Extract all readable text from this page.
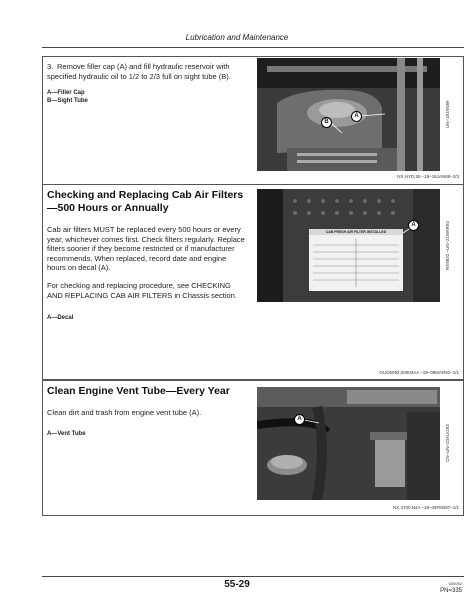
Lubrication and Maintenance
3. Remove filler cap (A) and fill hydraulic reservoir with specified hydraulic oil to 1/2 to 2/3 full on sight tube (B).
A—Filler Cap
B—Sight Tube
A
B	UN–18JAN89
NX,HYD,55 –19–15JAN88–2/3
Checking and Replacing Cab Air Filters—500 Hours or Annually
Cab air filters MUST be replaced every 500 hours or every year, whichever comes first. Check filters regularly. Replace filters sooner if they become restricted or if manufacturer recommends. When replaced, record date and engine hours on decal (A).
For checking and replacing procedure, see CHECKING AND REPLACING CAB AIR FILTERS in Chassis section.
A—Decal
CAB FRESH AIR FILTER INSTALLED
A	RX9832 –UN–21MAR92
OUO6092,00003AA –19–09MAR92–1/1
Clean Engine Vent Tube—Every Year
Clean dirt and trash from engine vent tube (A).
A—Vent Tube
A
CN–UN–23AUG93
NX,4700,N2A –19–06FEB97–1/1
55-29	030092
PN=335
